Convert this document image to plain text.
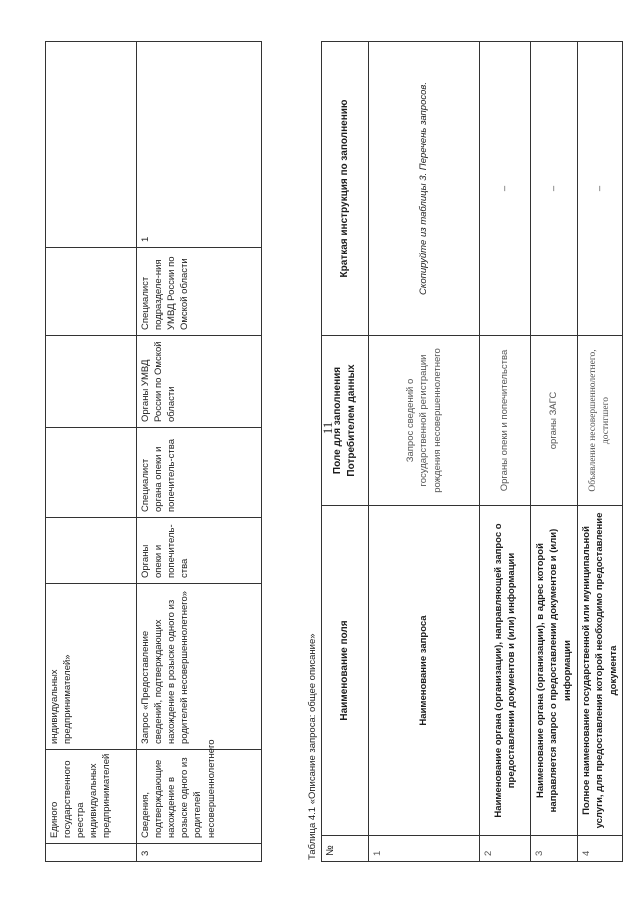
11
	Единого государственного реестра индивидуальных предпринимателей	индивидуальных предпринимателей»					
3	Сведения, подтверждающие нахождение в розыске одного из родителей несовершеннолетнего	Запрос «Предоставление сведений, подтверждающих нахождение в розыске одного из родителей несовершеннолетнего»	Органы опеки и попечитель-ства	Специалист органа опеки и попечитель-ства	Органы УМВД России по Омской области	Специалист подразделе-ния УМВД России по Омской области	1
Таблица 4.1 «Описание запроса: общее описание» №	Наименование поля	Поле для заполнения Потребителем данных	Краткая инструкция по заполнению
1	Наименование запроса	Запрос сведений о государственной регистрации рождения несовершеннолетнего	Скопируйте из таблицы 3. Перечень запросов.
2	Наименование органа (организации), направляющей запрос о предоставлении документов и (или) информации	Органы опеки и попечительства	–
3	Наименование органа (организации), в адрес которой направляется запрос о предоставлении документов и (или) информации	органы ЗАГС	–
4	Полное наименование государственной или муниципальной услуги, для предоставления которой необходимо предоставление документа	Объявление несовершеннолетнего, достигшего	–
